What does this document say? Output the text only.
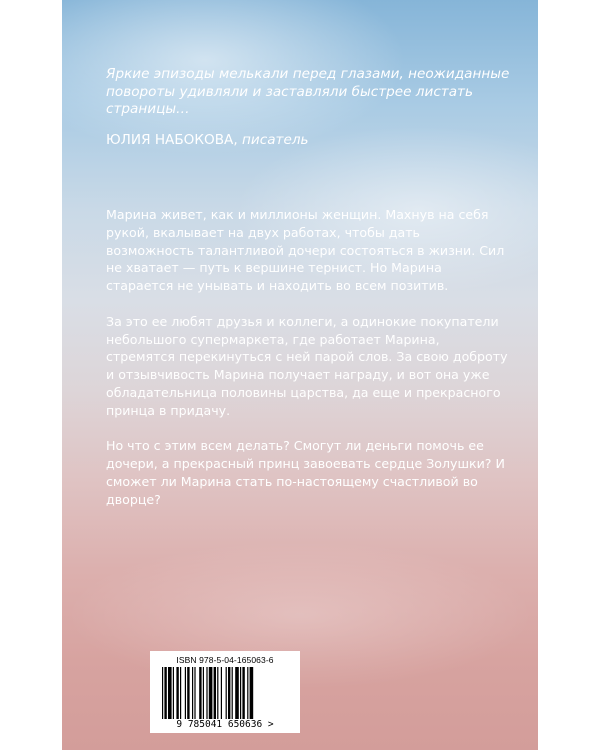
Яркие эпизоды мелькали перед глазами, неожиданные повороты удивляли и заставляли быстрее листать страницы…
ЮЛИЯ НАБОКОВА, писатель

Марина живет, как и миллионы женщин. Махнув на себя рукой, вкалывает на двух работах, чтобы дать возможность талантливой дочери состояться в жизни. Сил не хватает — путь к вершине тернист. Но Марина старается не унывать и находить во всем позитив.

За это ее любят друзья и коллеги, а одинокие покупатели небольшого супермаркета, где работает Марина, стремятся перекинуться с ней парой слов. За свою доброту и отзывчивость Марина получает награду, и вот она уже обладательница половины царства, да еще и прекрасного принца в придачу.

Но что с этим всем делать? Смогут ли деньги помочь ее дочери, а прекрасный принц завоевать сердце Золушки? И сможет ли Марина стать по-настоящему счастливой во дворце?

ISBN 978-5-04-165063-6
9 785041 650636 >
